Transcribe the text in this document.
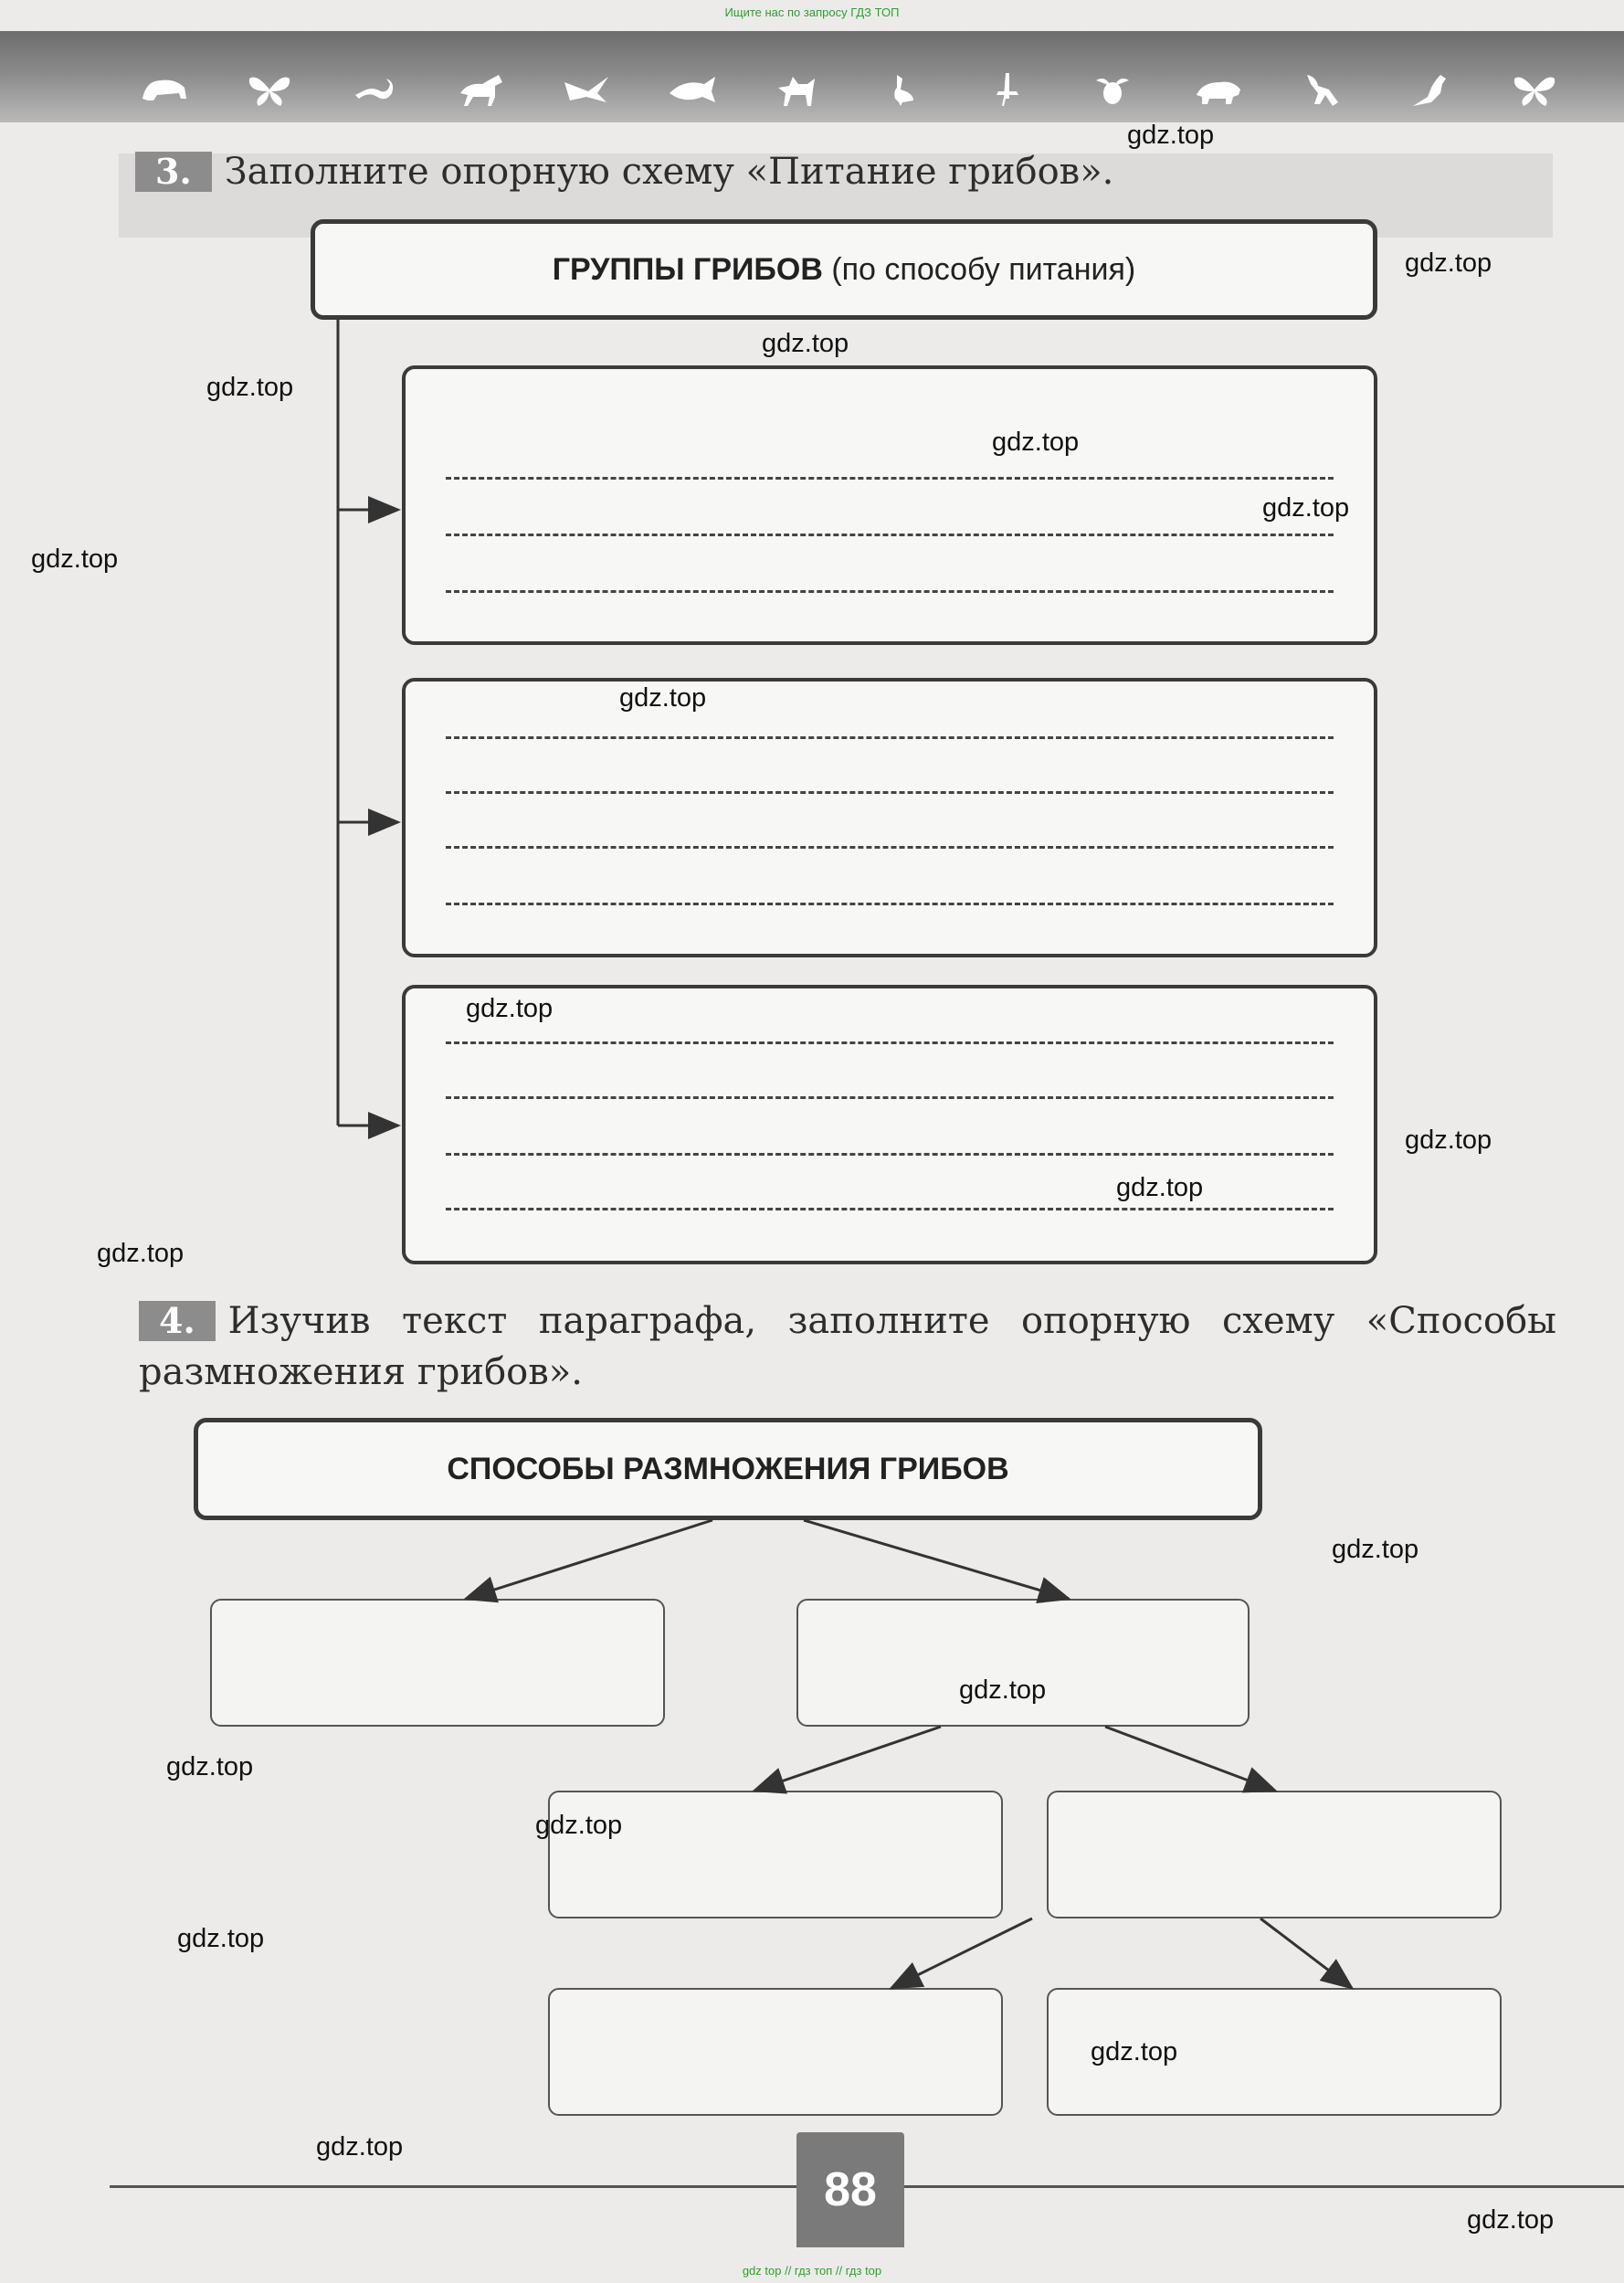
Ищите нас по запросу ГДЗ ТОП
3. Заполните опорную схему «Питание грибов».
ГРУППЫ ГРИБОВ (по способу питания)
4. Изучив текст параграфа, заполните опорную схему «Способы размножения грибов».
СПОСОБЫ РАЗМНОЖЕНИЯ ГРИБОВ
gdz.top
gdz.top
gdz.top
gdz.top
gdz.top
gdz.top
gdz.top
gdz.top
gdz.top
gdz.top
gdz.top
gdz.top
gdz.top
gdz.top
gdz.top
gdz.top
gdz.top
gdz.top
gdz.top
gdz.top
88
gdz top // гдз топ // гдз top
